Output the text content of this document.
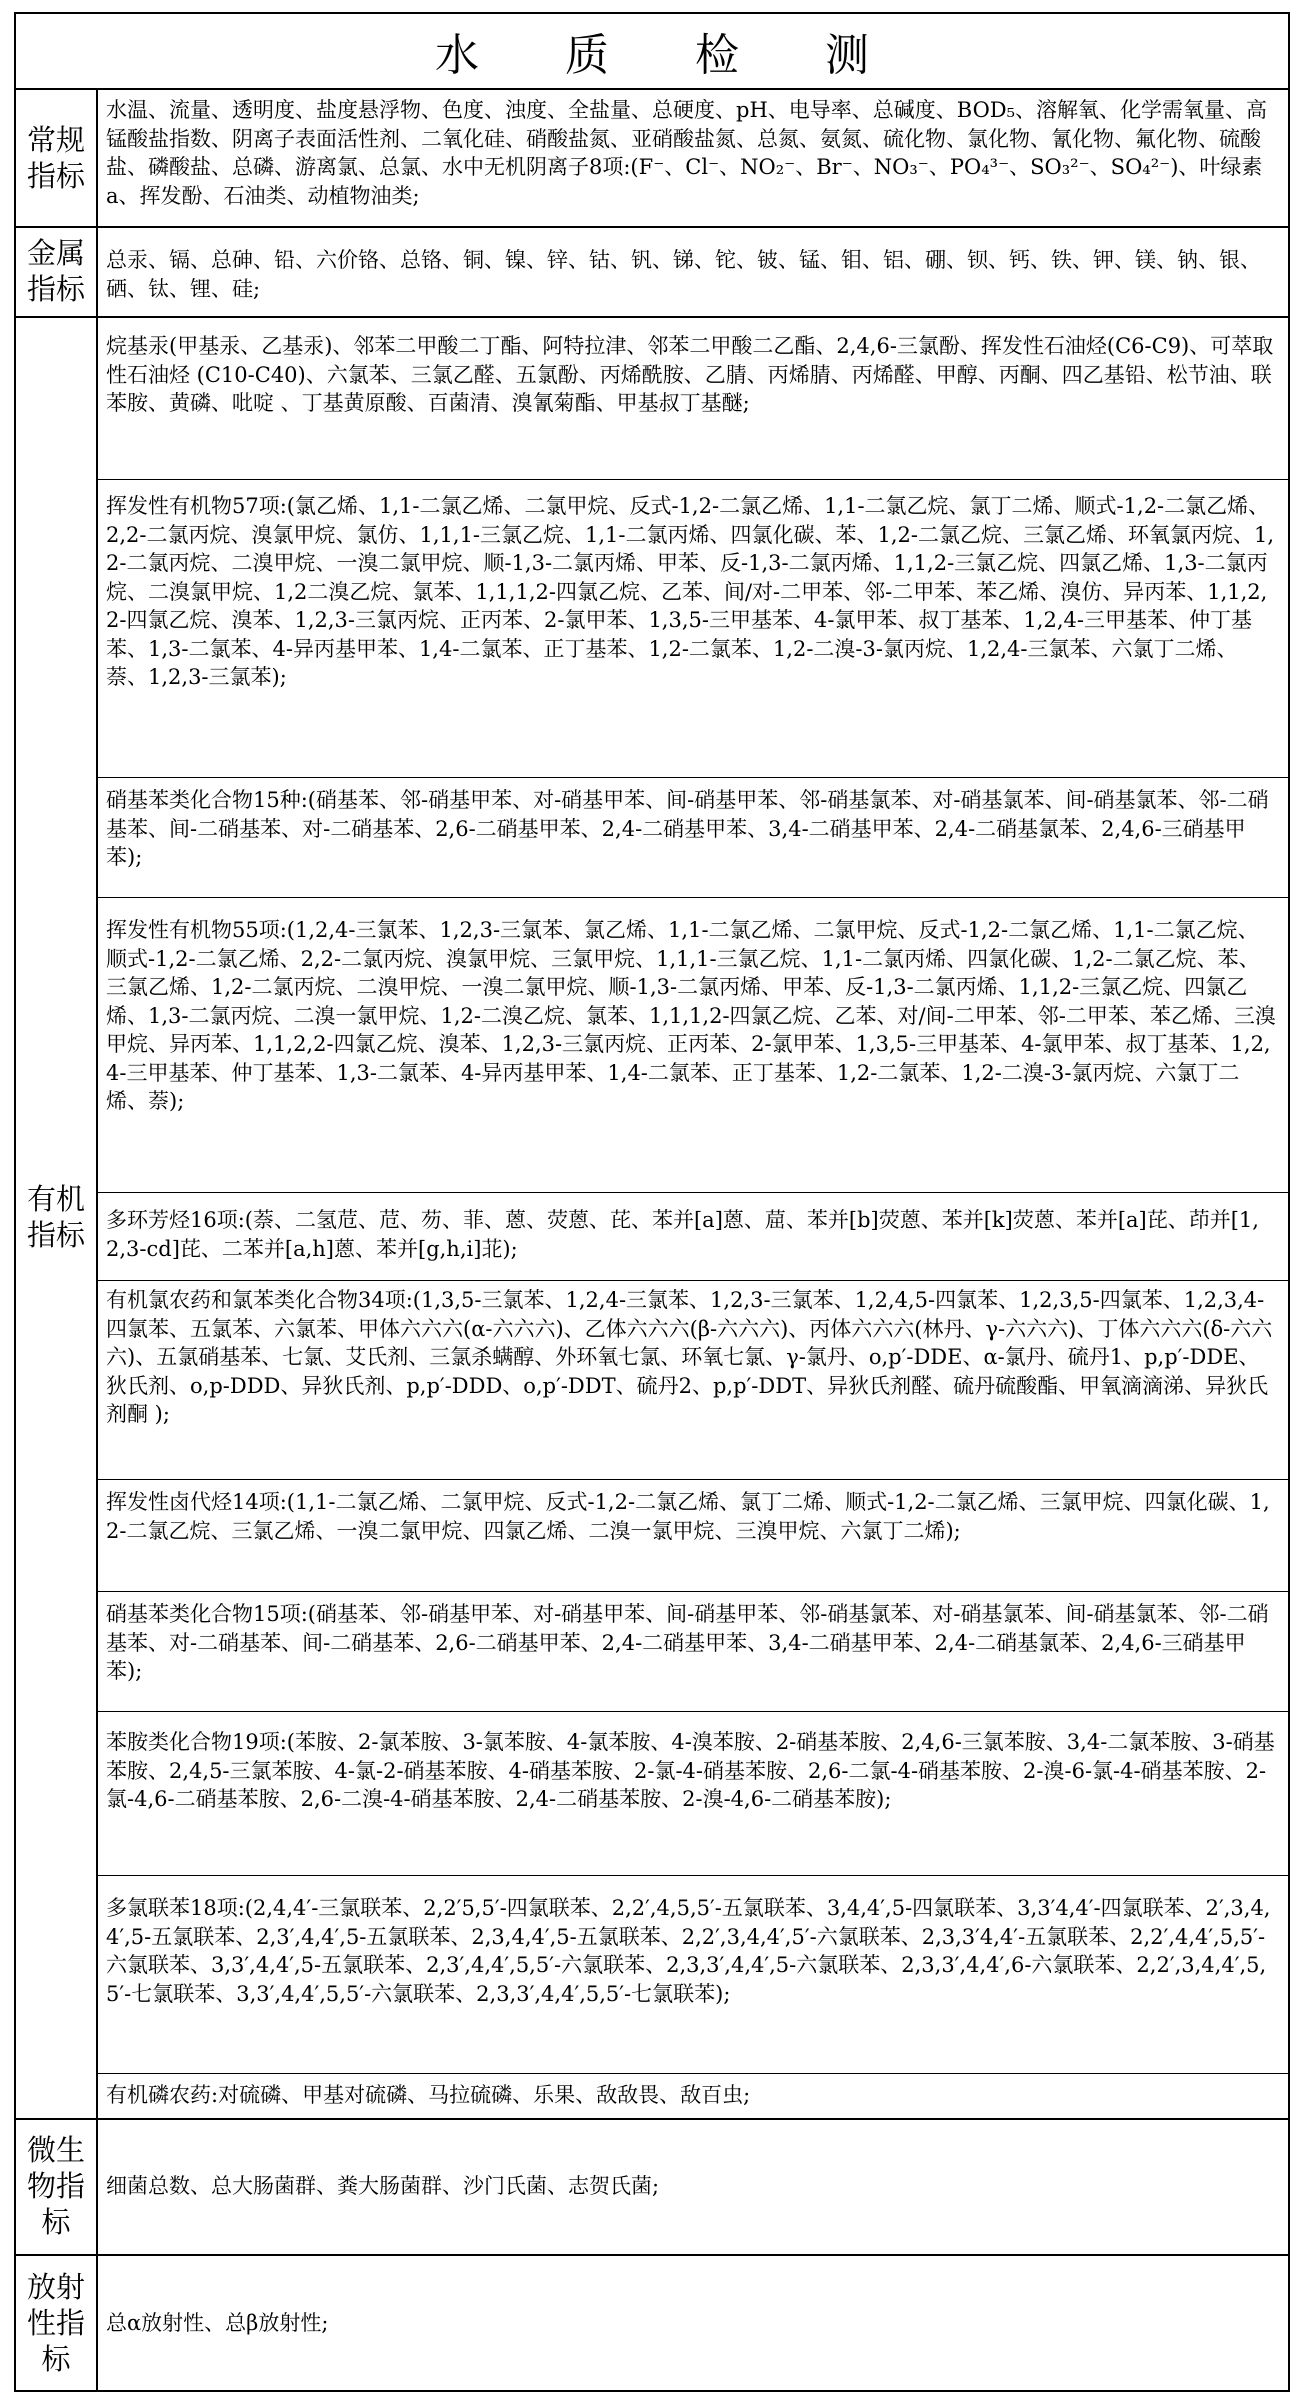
水 质 检 测
常规指标
水温、流量、透明度、盐度悬浮物、色度、浊度、全盐量、总硬度、pH、电导率、总碱度、BOD₅、溶解氧、化学需氧量、高锰酸盐指数、阴离子表面活性剂、二氧化硅、硝酸盐氮、亚硝酸盐氮、总氮、氨氮、硫化物、氯化物、氰化物、氟化物、硫酸盐、磷酸盐、总磷、游离氯、总氯、水中无机阴离子8项:(F⁻、Cl⁻、NO₂⁻、Br⁻、NO₃⁻、PO₄³⁻、SO₃²⁻、SO₄²⁻)、叶绿素a、挥发酚、石油类、动植物油类;
金属指标
总汞、镉、总砷、铅、六价铬、总铬、铜、镍、锌、钴、钒、锑、铊、铍、锰、钼、铝、硼、钡、钙、铁、钾、镁、钠、银、硒、钛、锂、硅;
有机指标
烷基汞(甲基汞、乙基汞)、邻苯二甲酸二丁酯、阿特拉津、邻苯二甲酸二乙酯、2,4,6-三氯酚、挥发性石油烃(C6-C9)、可萃取性石油烃 (C10-C40)、六氯苯、三氯乙醛、五氯酚、丙烯酰胺、乙腈、丙烯腈、丙烯醛、甲醇、丙酮、四乙基铅、松节油、联苯胺、黄磷、吡啶 、丁基黄原酸、百菌清、溴氰菊酯、甲基叔丁基醚;
挥发性有机物57项:(氯乙烯、1,1-二氯乙烯、二氯甲烷、反式-1,2-二氯乙烯、1,1-二氯乙烷、氯丁二烯、顺式-1,2-二氯乙烯、2,2-二氯丙烷、溴氯甲烷、氯仿、1,1,1-三氯乙烷、1,1-二氯丙烯、四氯化碳、苯、1,2-二氯乙烷、三氯乙烯、环氧氯丙烷、1,2-二氯丙烷、二溴甲烷、一溴二氯甲烷、顺-1,3-二氯丙烯、甲苯、反-1,3-二氯丙烯、1,1,2-三氯乙烷、四氯乙烯、1,3-二氯丙烷、二溴氯甲烷、1,2二溴乙烷、氯苯、1,1,1,2-四氯乙烷、乙苯、间/对-二甲苯、邻-二甲苯、苯乙烯、溴仿、异丙苯、1,1,2,2-四氯乙烷、溴苯、1,2,3-三氯丙烷、正丙苯、2-氯甲苯、1,3,5-三甲基苯、4-氯甲苯、叔丁基苯、1,2,4-三甲基苯、仲丁基苯、1,3-二氯苯、4-异丙基甲苯、1,4-二氯苯、正丁基苯、1,2-二氯苯、1,2-二溴-3-氯丙烷、1,2,4-三氯苯、六氯丁二烯、萘、1,2,3-三氯苯);
硝基苯类化合物15种:(硝基苯、邻-硝基甲苯、对-硝基甲苯、间-硝基甲苯、邻-硝基氯苯、对-硝基氯苯、间-硝基氯苯、邻-二硝基苯、间-二硝基苯、对-二硝基苯、2,6-二硝基甲苯、2,4-二硝基甲苯、3,4-二硝基甲苯、2,4-二硝基氯苯、2,4,6-三硝基甲苯);
挥发性有机物55项:(1,2,4-三氯苯、1,2,3-三氯苯、氯乙烯、1,1-二氯乙烯、二氯甲烷、反式-1,2-二氯乙烯、1,1-二氯乙烷、顺式-1,2-二氯乙烯、2,2-二氯丙烷、溴氯甲烷、三氯甲烷、1,1,1-三氯乙烷、1,1-二氯丙烯、四氯化碳、1,2-二氯乙烷、苯、三氯乙烯、1,2-二氯丙烷、二溴甲烷、一溴二氯甲烷、顺-1,3-二氯丙烯、甲苯、反-1,3-二氯丙烯、1,1,2-三氯乙烷、四氯乙烯、1,3-二氯丙烷、二溴一氯甲烷、1,2-二溴乙烷、氯苯、1,1,1,2-四氯乙烷、乙苯、对/间-二甲苯、邻-二甲苯、苯乙烯、三溴甲烷、异丙苯、1,1,2,2-四氯乙烷、溴苯、1,2,3-三氯丙烷、正丙苯、2-氯甲苯、1,3,5-三甲基苯、4-氯甲苯、叔丁基苯、1,2,4-三甲基苯、仲丁基苯、1,3-二氯苯、4-异丙基甲苯、1,4-二氯苯、正丁基苯、1,2-二氯苯、1,2-二溴-3-氯丙烷、六氯丁二烯、萘);
多环芳烃16项:(萘、二氢苊、苊、芴、菲、蒽、荧蒽、芘、苯并[a]蒽、䓛、苯并[b]荧蒽、苯并[k]荧蒽、苯并[a]芘、茚并[1,2,3-cd]芘、二苯并[a,h]蒽、苯并[g,h,i]苝);
有机氯农药和氯苯类化合物34项:(1,3,5-三氯苯、1,2,4-三氯苯、1,2,3-三氯苯、1,2,4,5-四氯苯、1,2,3,5-四氯苯、1,2,3,4-四氯苯、五氯苯、六氯苯、甲体六六六(α-六六六)、乙体六六六(β-六六六)、丙体六六六(林丹、γ-六六六)、丁体六六六(δ-六六六)、五氯硝基苯、七氯、艾氏剂、三氯杀螨醇、外环氧七氯、环氧七氯、γ-氯丹、o,p′-DDE、α-氯丹、硫丹1、p,p′-DDE、狄氏剂、o,p-DDD、异狄氏剂、p,p′-DDD、o,p′-DDT、硫丹2、p,p′-DDT、异狄氏剂醛、硫丹硫酸酯、甲氧滴滴涕、异狄氏剂酮 );
挥发性卤代烃14项:(1,1-二氯乙烯、二氯甲烷、反式-1,2-二氯乙烯、氯丁二烯、顺式-1,2-二氯乙烯、三氯甲烷、四氯化碳、1,2-二氯乙烷、三氯乙烯、一溴二氯甲烷、四氯乙烯、二溴一氯甲烷、三溴甲烷、六氯丁二烯);
硝基苯类化合物15项:(硝基苯、邻-硝基甲苯、对-硝基甲苯、间-硝基甲苯、邻-硝基氯苯、对-硝基氯苯、间-硝基氯苯、邻-二硝基苯、对-二硝基苯、间-二硝基苯、2,6-二硝基甲苯、2,4-二硝基甲苯、3,4-二硝基甲苯、2,4-二硝基氯苯、2,4,6-三硝基甲苯);
苯胺类化合物19项:(苯胺、2-氯苯胺、3-氯苯胺、4-氯苯胺、4-溴苯胺、2-硝基苯胺、2,4,6-三氯苯胺、3,4-二氯苯胺、3-硝基苯胺、2,4,5-三氯苯胺、4-氯-2-硝基苯胺、4-硝基苯胺、2-氯-4-硝基苯胺、2,6-二氯-4-硝基苯胺、2-溴-6-氯-4-硝基苯胺、2-氯-4,6-二硝基苯胺、2,6-二溴-4-硝基苯胺、2,4-二硝基苯胺、2-溴-4,6-二硝基苯胺);
多氯联苯18项:(2,4,4′-三氯联苯、2,2′5,5′-四氯联苯、2,2′,4,5,5′-五氯联苯、3,4,4′,5-四氯联苯、3,3′4,4′-四氯联苯、2′,3,4,4′,5-五氯联苯、2,3′,4,4′,5-五氯联苯、2,3,4,4′,5-五氯联苯、2,2′,3,4,4′,5′-六氯联苯、2,3,3′4,4′-五氯联苯、2,2′,4,4′,5,5′-六氯联苯、3,3′,4,4′,5-五氯联苯、2,3′,4,4′,5,5′-六氯联苯、2,3,3′,4,4′,5-六氯联苯、2,3,3′,4,4′,6-六氯联苯、2,2′,3,4,4′,5,5′-七氯联苯、3,3′,4,4′,5,5′-六氯联苯、2,3,3′,4,4′,5,5′-七氯联苯);
有机磷农药:对硫磷、甲基对硫磷、马拉硫磷、乐果、敌敌畏、敌百虫;
微生物指标
细菌总数、总大肠菌群、粪大肠菌群、沙门氏菌、志贺氏菌;
放射性指标
总α放射性、总β放射性;
